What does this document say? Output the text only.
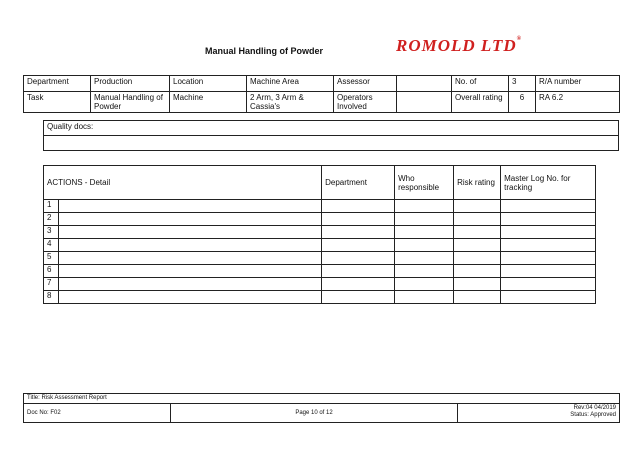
Manual Handling of Powder	ROMOLD LTD®
Department	Production	Location	Machine Area	Assessor		No. of	3	R/A number
Task	Manual Handling of Powder	Machine	2 Arm, 3 Arm & Cassia's	Operators Involved		Overall rating	6	RA 6.2
Quality docs:

ACTIONS - Detail		Department	Who responsible	Risk rating	Master Log No. for tracking
1					
2					
3					
4					
5					
6					
7					
8					
Title: Risk Assessment Report
Doc No: F02	Page 10 of 12	
Rev:04 04/2019
Status: Approved
